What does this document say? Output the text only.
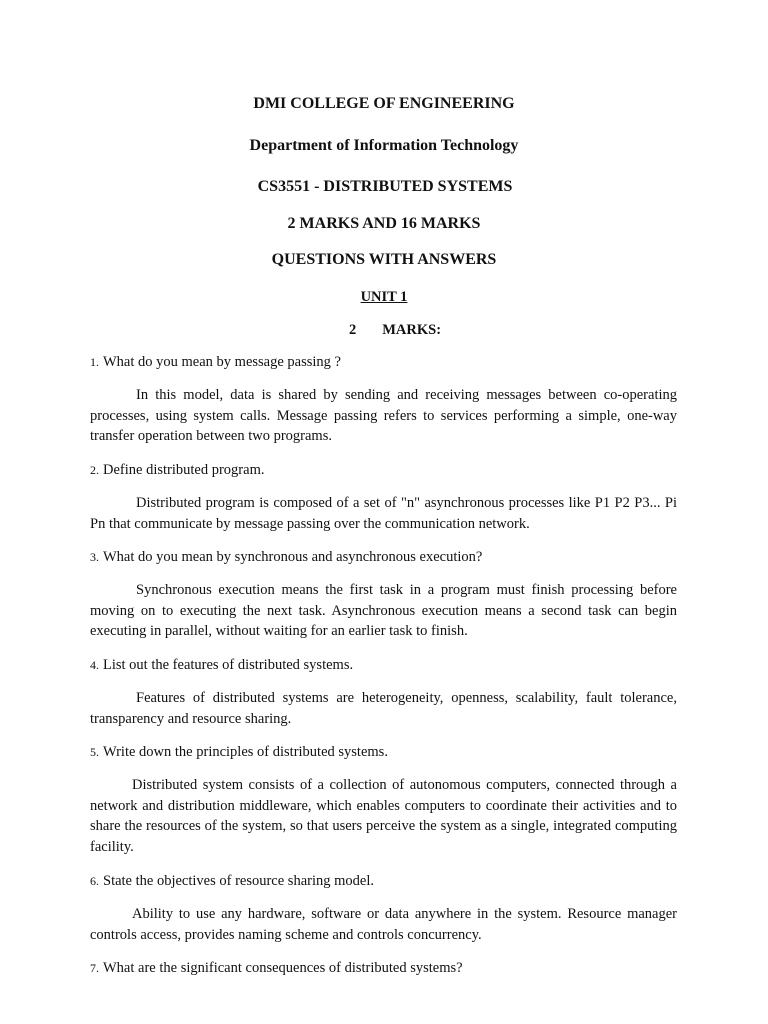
DMI COLLEGE OF ENGINEERING
Department of Information Technology
CS3551 - DISTRIBUTED SYSTEMS
2 MARKS AND 16 MARKS
QUESTIONS WITH ANSWERS
UNIT 1
2 MARKS:
1. What do you mean by message passing ?
In this model, data is shared by sending and receiving messages between co-operating processes, using system calls. Message passing refers to services performing a simple, one-way transfer operation between two programs.
2. Define distributed program.
Distributed program is composed of a set of "n" asynchronous processes like P1 P2 P3... Pi Pn that communicate by message passing over the communication network.
3. What do you mean by synchronous and asynchronous execution?
Synchronous execution means the first task in a program must finish processing before moving on to executing the next task. Asynchronous execution means a second task can begin executing in parallel, without waiting for an earlier task to finish.
4. List out the features of distributed systems.
Features of distributed systems are heterogeneity, openness, scalability, fault tolerance, transparency and resource sharing.
5. Write down the principles of distributed systems.
Distributed system consists of a collection of autonomous computers, connected through a network and distribution middleware, which enables computers to coordinate their activities and to share the resources of the system, so that users perceive the system as a single, integrated computing facility.
6. State the objectives of resource sharing model.
Ability to use any hardware, software or data anywhere in the system. Resource manager controls access, provides naming scheme and controls concurrency.
7. What are the significant consequences of distributed systems?
